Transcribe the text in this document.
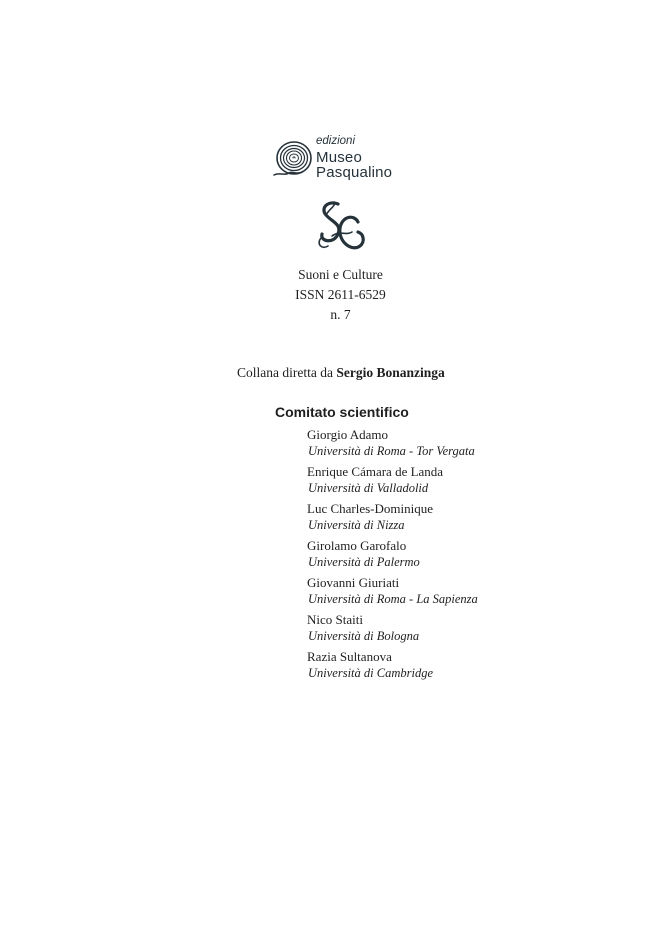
edizioni
Museo
Pasqualino
Suoni e Culture
ISSN 2611-6529
n. 7
Collana diretta da Sergio Bonanzinga
Comitato scientifico
Giorgio Adamo
Università di Roma - Tor Vergata
Enrique Cámara de Landa
Università di Valladolid
Luc Charles-Dominique
Università di Nizza
Girolamo Garofalo
Università di Palermo
Giovanni Giuriati
Università di Roma - La Sapienza
Nico Staiti
Università di Bologna
Razia Sultanova
Università di Cambridge
